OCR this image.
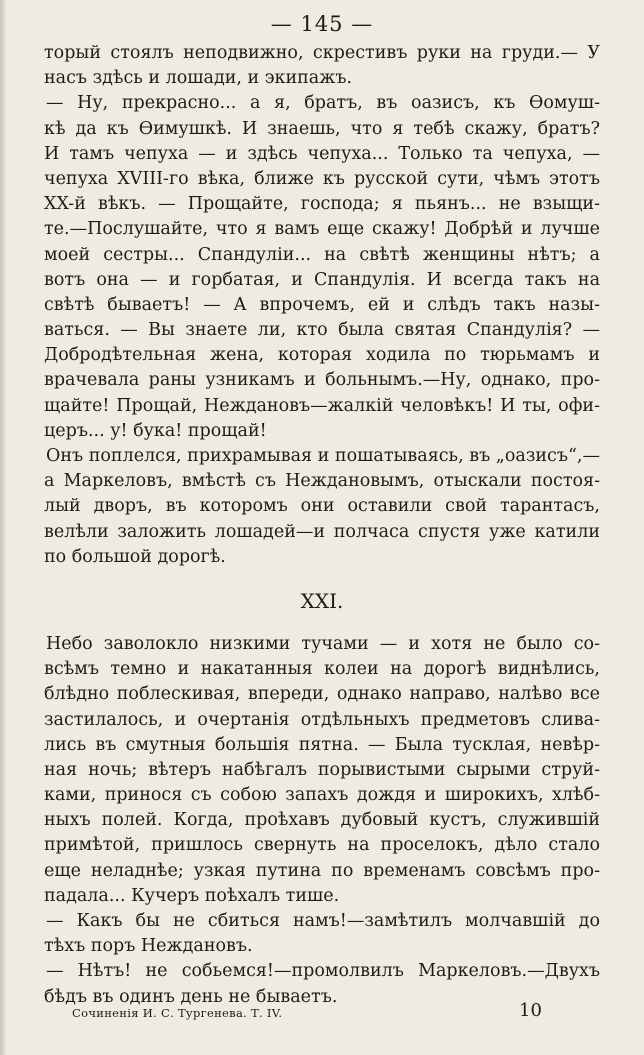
— 145 —
торый стоялъ неподвижно, скрестивъ руки на груди.— У
насъ здѣсь и лошади, и экипажъ.
— Ну, прекрасно... а я, братъ, въ оазисъ, къ Ѳомуш-
кѣ да къ Ѳимушкѣ. И знаешь, что я тебѣ скажу, братъ?
И тамъ чепуха — и здѣсь чепуха... Только та чепуха, —
чепуха XVIII-го вѣка, ближе къ русской сути, чѣмъ этотъ
XX-й вѣкъ. — Прощайте, господа; я пьянъ... не взыщи-
те.—Послушайте, что я вамъ еще скажу! Добрѣй и лучше
моей сестры... Спандулiи... на свѣтѣ женщины нѣтъ; а
вотъ она — и горбатая, и Спандулiя. И всегда такъ на
свѣтѣ бываетъ! — А впрочемъ, ей и слѣдъ такъ назы-
ваться. — Вы знаете ли, кто была святая Спандулiя? —
Добродѣтельная жена, которая ходила по тюрьмамъ и
врачевала раны узникамъ и больнымъ.—Ну, однако, про-
щайте! Прощай, Неждановъ—жалкiй человѣкъ! И ты, офи-
церъ... у! бука! прощай!
Онъ поплелся, прихрамывая и пошатываясь, въ „оазисъ“,—
а Маркеловъ, вмѣстѣ съ Неждановымъ, отыскали постоя-
лый дворъ, въ которомъ они оставили свой тарантасъ,
велѣли заложить лошадей—и полчаса спустя уже катили
по большой дорогѣ.
XXI.
Небо заволокло низкими тучами — и хотя не было со-
всѣмъ темно и накатанныя колеи на дорогѣ виднѣлись,
блѣдно поблескивая, впереди, однако направо, налѣво все
застилалось, и очертанiя отдѣльныхъ предметовъ слива-
лись въ смутныя большiя пятна. — Была тусклая, невѣр-
ная ночь; вѣтеръ набѣгалъ порывистыми сырыми струй-
ками, принося съ собою запахъ дождя и широкихъ, хлѣб-
ныхъ полей. Когда, проѣхавъ дубовый кустъ, служившiй
примѣтой, пришлось свернуть на проселокъ, дѣло стало
еще неладнѣе; узкая путина по временамъ совсѣмъ про-
падала... Кучеръ поѣхалъ тише.
— Какъ бы не сбиться намъ!—замѣтилъ молчавшiй до
тѣхъ поръ Неждановъ.
— Нѣтъ! не собьемся!—промолвилъ Маркеловъ.—Двухъ
бѣдъ въ одинъ день не бываетъ.
Сочиненiя И. С. Тургенева. Т. IV.	10
